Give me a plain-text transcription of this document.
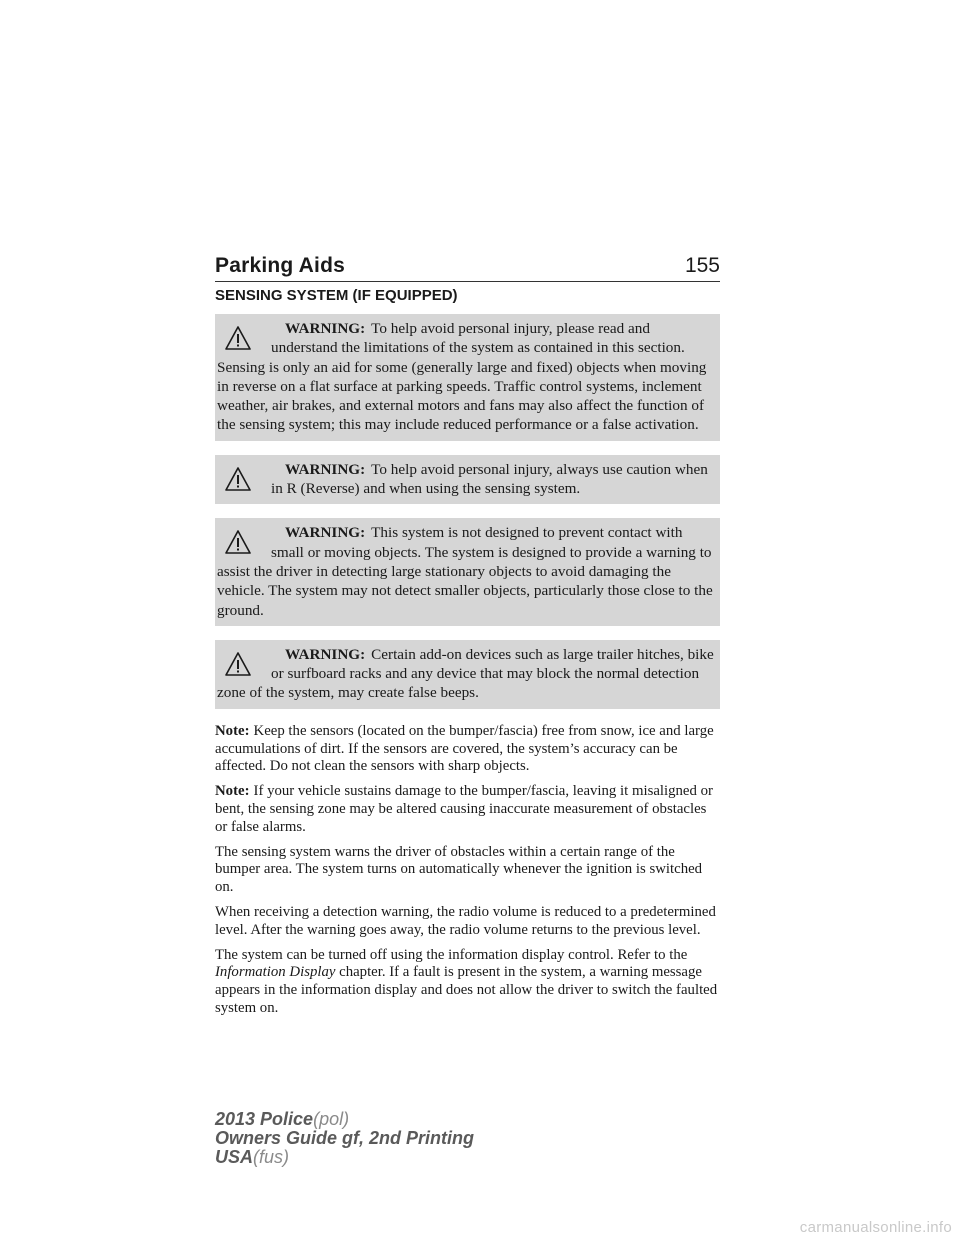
Parking Aids	155
SENSING SYSTEM (IF EQUIPPED)
WARNING: To help avoid personal injury, please read and understand the limitations of the system as contained in this section. Sensing is only an aid for some (generally large and fixed) objects when moving in reverse on a flat surface at parking speeds. Traffic control systems, inclement weather, air brakes, and external motors and fans may also affect the function of the sensing system; this may include reduced performance or a false activation.
WARNING: To help avoid personal injury, always use caution when in R (Reverse) and when using the sensing system.
WARNING: This system is not designed to prevent contact with small or moving objects. The system is designed to provide a warning to assist the driver in detecting large stationary objects to avoid damaging the vehicle. The system may not detect smaller objects, particularly those close to the ground.
WARNING: Certain add-on devices such as large trailer hitches, bike or surfboard racks and any device that may block the normal detection zone of the system, may create false beeps.

Note: Keep the sensors (located on the bumper/fascia) free from snow, ice and large accumulations of dirt. If the sensors are covered, the system’s accuracy can be affected. Do not clean the sensors with sharp objects.

Note: If your vehicle sustains damage to the bumper/fascia, leaving it misaligned or bent, the sensing zone may be altered causing inaccurate measurement of obstacles or false alarms.

The sensing system warns the driver of obstacles within a certain range of the bumper area. The system turns on automatically whenever the ignition is switched on.

When receiving a detection warning, the radio volume is reduced to a predetermined level. After the warning goes away, the radio volume returns to the previous level.

The system can be turned off using the information display control. Refer to the Information Display chapter. If a fault is present in the system, a warning message appears in the information display and does not allow the driver to switch the faulted system on.

2013 Police(pol)
Owners Guide gf, 2nd Printing
USA(fus)
carmanualsonline.info
